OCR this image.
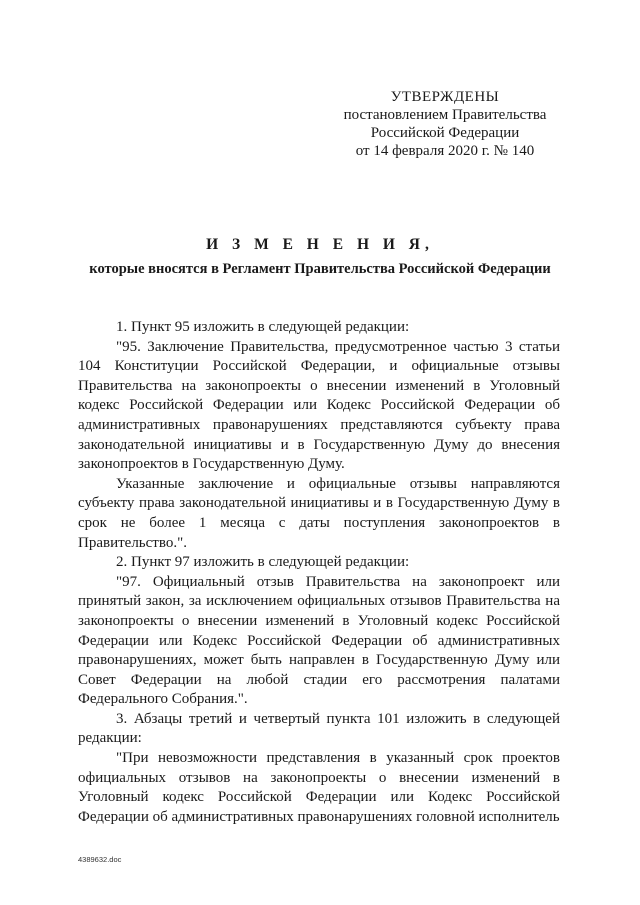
УТВЕРЖДЕНЫ
постановлением Правительства
Российской Федерации
от 14 февраля 2020 г. № 140
И З М Е Н Е Н И Я,
которые вносятся в Регламент Правительства Российской Федерации

1. Пункт 95 изложить в следующей редакции:

"95. Заключение Правительства, предусмотренное частью 3 статьи 104 Конституции Российской Федерации, и официальные отзывы Правительства на законопроекты о внесении изменений в Уголовный кодекс Российской Федерации или Кодекс Российской Федерации об административных правонарушениях представляются субъекту права законодательной инициативы и в Государственную Думу до внесения законопроектов в Государственную Думу.

Указанные заключение и официальные отзывы направляются субъекту права законодательной инициативы и в Государственную Думу в срок не более 1 месяца с даты поступления законопроектов в Правительство.".

2. Пункт 97 изложить в следующей редакции:

"97. Официальный отзыв Правительства на законопроект или принятый закон, за исключением официальных отзывов Правительства на законопроекты о внесении изменений в Уголовный кодекс Российской Федерации или Кодекс Российской Федерации об административных правонарушениях, может быть направлен в Государственную Думу или Совет Федерации на любой стадии его рассмотрения палатами Федерального Собрания.".

3. Абзацы третий и четвертый пункта 101 изложить в следующей редакции:

"При невозможности представления в указанный срок проектов официальных отзывов на законопроекты о внесении изменений в Уголовный кодекс Российской Федерации или Кодекс Российской Федерации об административных правонарушениях головной исполнитель

4389632.doc
